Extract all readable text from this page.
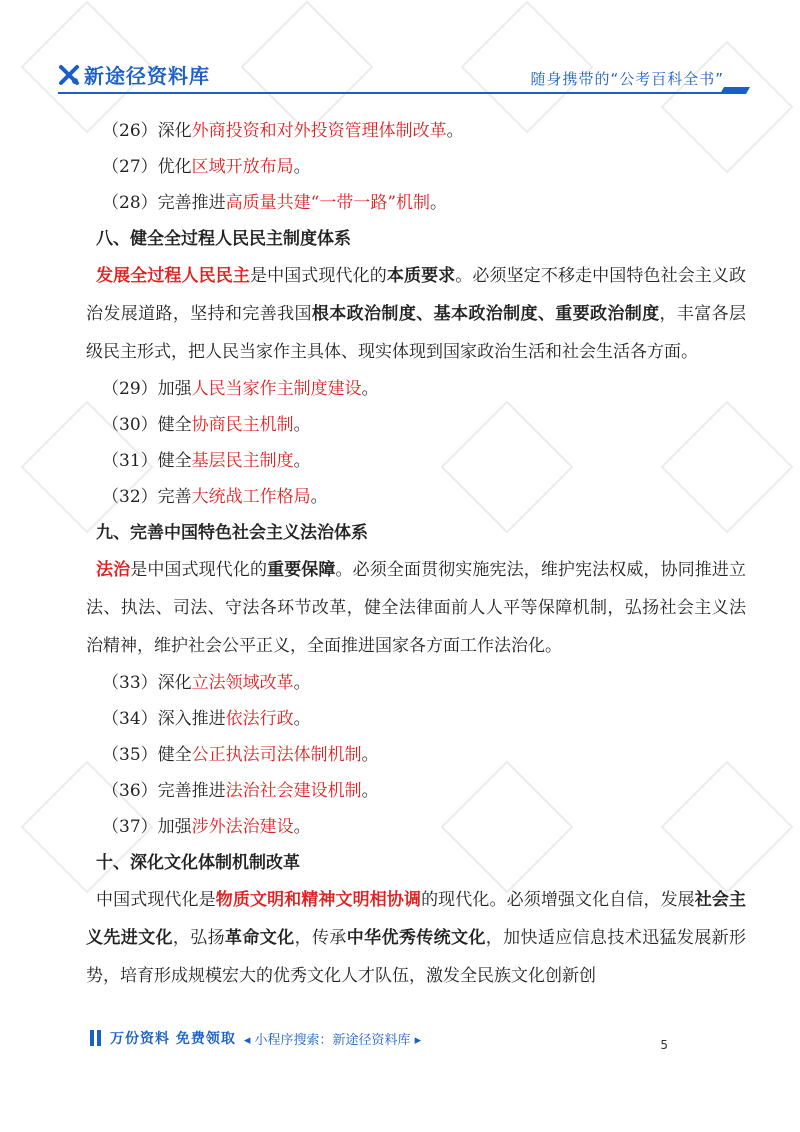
新途径资料库	随身携带的“公考百科全书”
（26）深化外商投资和对外投资管理体制改革。
（27）优化区域开放布局。
（28）完善推进高质量共建“一带一路”机制。
八、健全全过程人民民主制度体系
发展全过程人民民主是中国式现代化的本质要求。必须坚定不移走中国特色社会主义政治发展道路，坚持和完善我国根本政治制度、基本政治制度、重要政治制度，丰富各层级民主形式，把人民当家作主具体、现实体现到国家政治生活和社会生活各方面。
（29）加强人民当家作主制度建设。
（30）健全协商民主机制。
（31）健全基层民主制度。
（32）完善大统战工作格局。
九、完善中国特色社会主义法治体系
法治是中国式现代化的重要保障。必须全面贯彻实施宪法，维护宪法权威，协同推进立法、执法、司法、守法各环节改革，健全法律面前人人平等保障机制，弘扬社会主义法治精神，维护社会公平正义，全面推进国家各方面工作法治化。
（33）深化立法领域改革。
（34）深入推进依法行政。
（35）健全公正执法司法体制机制。
（36）完善推进法治社会建设机制。
（37）加强涉外法治建设。
十、深化文化体制机制改革
中国式现代化是物质文明和精神文明相协调的现代化。必须增强文化自信，发展社会主义先进文化，弘扬革命文化，传承中华优秀传统文化，加快适应信息技术迅猛发展新形势，培育形成规模宏大的优秀文化人才队伍，激发全民族文化创新创
万份资料 免费领取 ◂ 小程序搜索：新途径资料库 ▸	5
